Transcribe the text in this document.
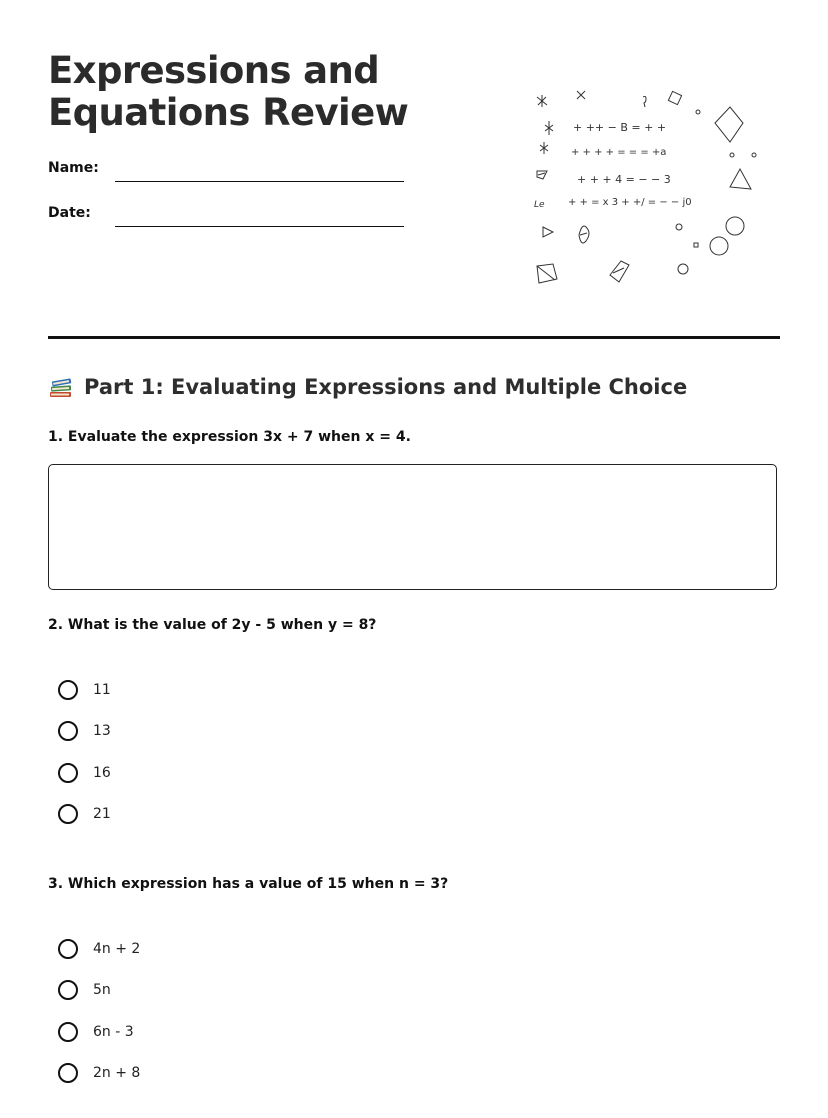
Expressions and
Equations Review
Name:
Date:
+ ++ − B = + +
+ + + + = = = +a
+ + + 4 = − − 3
+ + = x 3 + +/ = − − j0
Le
Part 1: Evaluating Expressions and Multiple Choice

1. Evaluate the expression 3x + 7 when x = 4.

2. What is the value of 2y - 5 when y = 8?

11
13
16
21

3. Which expression has a value of 15 when n = 3?

4n + 2
5n
6n - 3
2n + 8
